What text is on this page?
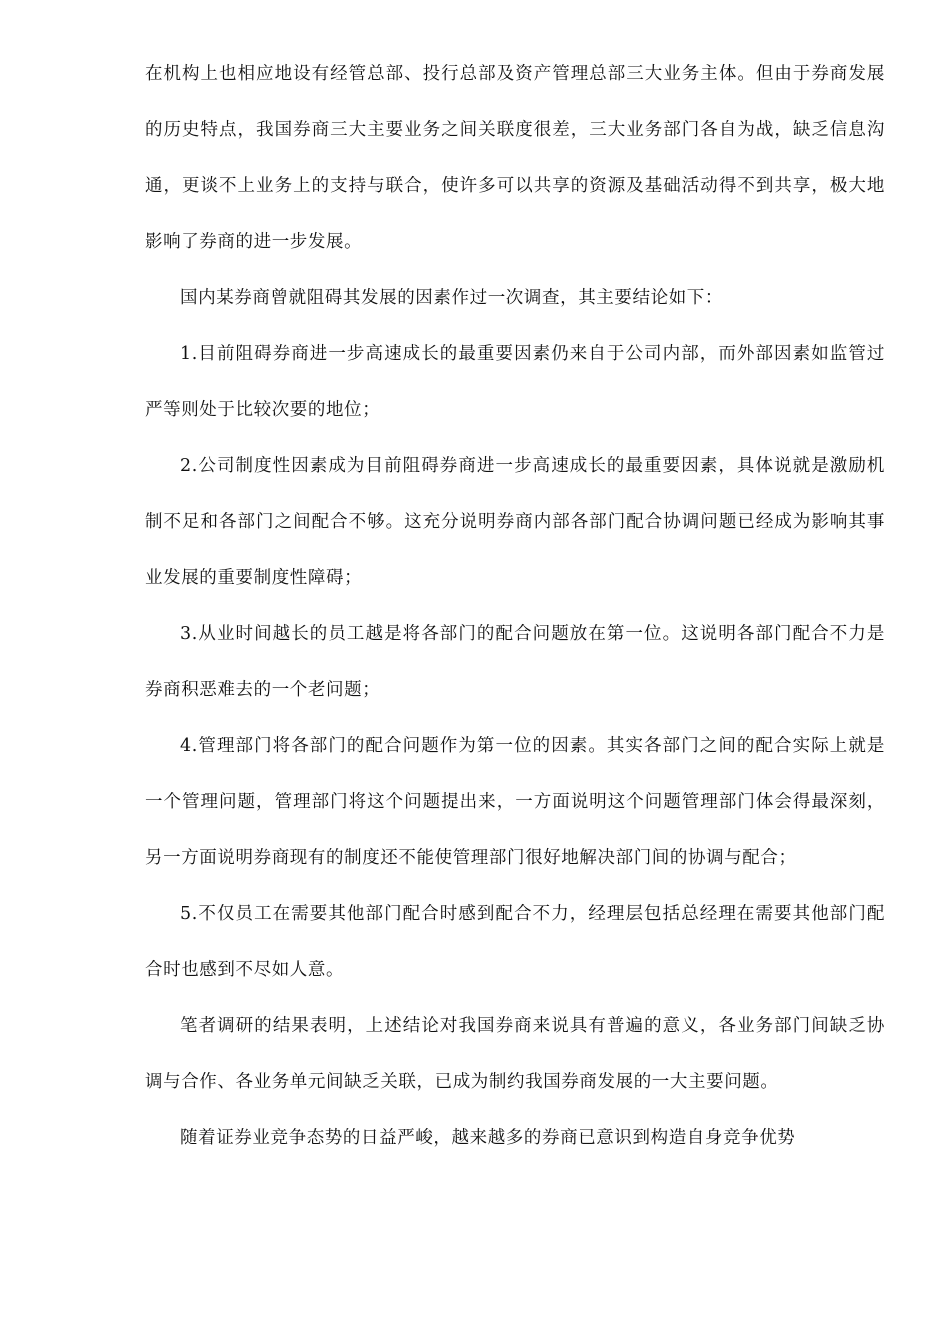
在机构上也相应地设有经管总部、投行总部及资产管理总部三大业务主体。但由于券商发展的历史特点，我国券商三大主要业务之间关联度很差，三大业务部门各自为战，缺乏信息沟通，更谈不上业务上的支持与联合，使许多可以共享的资源及基础活动得不到共享，极大地影响了券商的进一步发展。

国内某券商曾就阻碍其发展的因素作过一次调查，其主要结论如下：

1.目前阻碍券商进一步高速成长的最重要因素仍来自于公司内部，而外部因素如监管过严等则处于比较次要的地位；

2.公司制度性因素成为目前阻碍券商进一步高速成长的最重要因素，具体说就是激励机制不足和各部门之间配合不够。这充分说明券商内部各部门配合协调问题已经成为影响其事业发展的重要制度性障碍；

3.从业时间越长的员工越是将各部门的配合问题放在第一位。这说明各部门配合不力是券商积恶难去的一个老问题；

4.管理部门将各部门的配合问题作为第一位的因素。其实各部门之间的配合实际上就是一个管理问题，管理部门将这个问题提出来，一方面说明这个问题管理部门体会得最深刻，另一方面说明券商现有的制度还不能使管理部门很好地解决部门间的协调与配合；

5.不仅员工在需要其他部门配合时感到配合不力，经理层包括总经理在需要其他部门配合时也感到不尽如人意。

笔者调研的结果表明，上述结论对我国券商来说具有普遍的意义，各业务部门间缺乏协调与合作、各业务单元间缺乏关联，已成为制约我国券商发展的一大主要问题。

随着证券业竞争态势的日益严峻，越来越多的券商已意识到构造自身竞争优势
